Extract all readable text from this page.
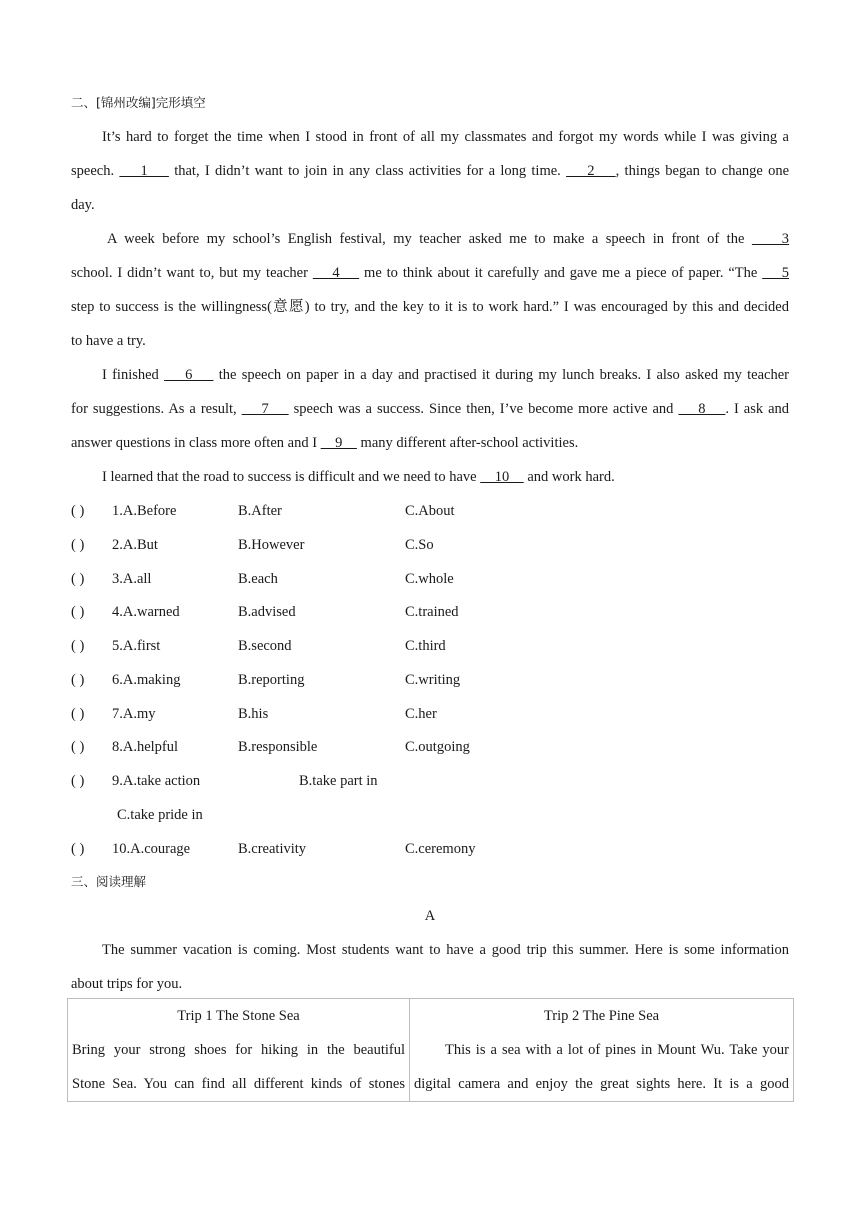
二、[锦州改编]完形填空
It’s hard to forget the time when I stood in front of all my classmates and forgot my words while I was giving a
speech.     1     that, I didn’t want to join in any class activities for a long time.     2    , things began to change one
day.
A week before my school’s English festival, my teacher asked me to make a speech in front of the     3
school. I didn’t want to, but my teacher     4     me to think about it carefully and gave me a piece of paper. “The     5
step to success is the willingness(意愿) to try, and the key to it is to work hard.” I was encouraged by this and decided
to have a try.
I finished     6     the speech on paper in a day and practised it during my lunch breaks. I also asked my teacher
for suggestions. As a result,     7     speech was a success. Since then, I’ve become more active and     8    . I ask and
answer questions in class more often and I     9     many different after-school activities.
I learned that the road to success is difficult and we need to have     10     and work hard.
( ) 1.A.Before	B.After	C.About
( ) 2.A.But	B.However	C.So
( ) 3.A.all	B.each	C.whole
( ) 4.A.warned	B.advised	C.trained
( ) 5.A.first	B.second	C.third
( ) 6.A.making	B.reporting	C.writing
( ) 7.A.my	B.his	C.her
( ) 8.A.helpful	B.responsible	C.outgoing
( ) 9.A.take action	B.take part in
C.take pride in
( ) 10.A.courage	B.creativity	C.ceremony
三、阅读理解
A
The summer vacation is coming. Most students want to have a good trip this summer. Here is some information
about trips for you.
Trip 1 The Stone Sea
Bring your strong shoes for hiking in the beautiful
Stone Sea. You can find all different kinds of stones

Trip 2 The Pine Sea
This is a sea with a lot of pines in Mount Wu. Take your
digital camera and enjoy the great sights here. It is a good
